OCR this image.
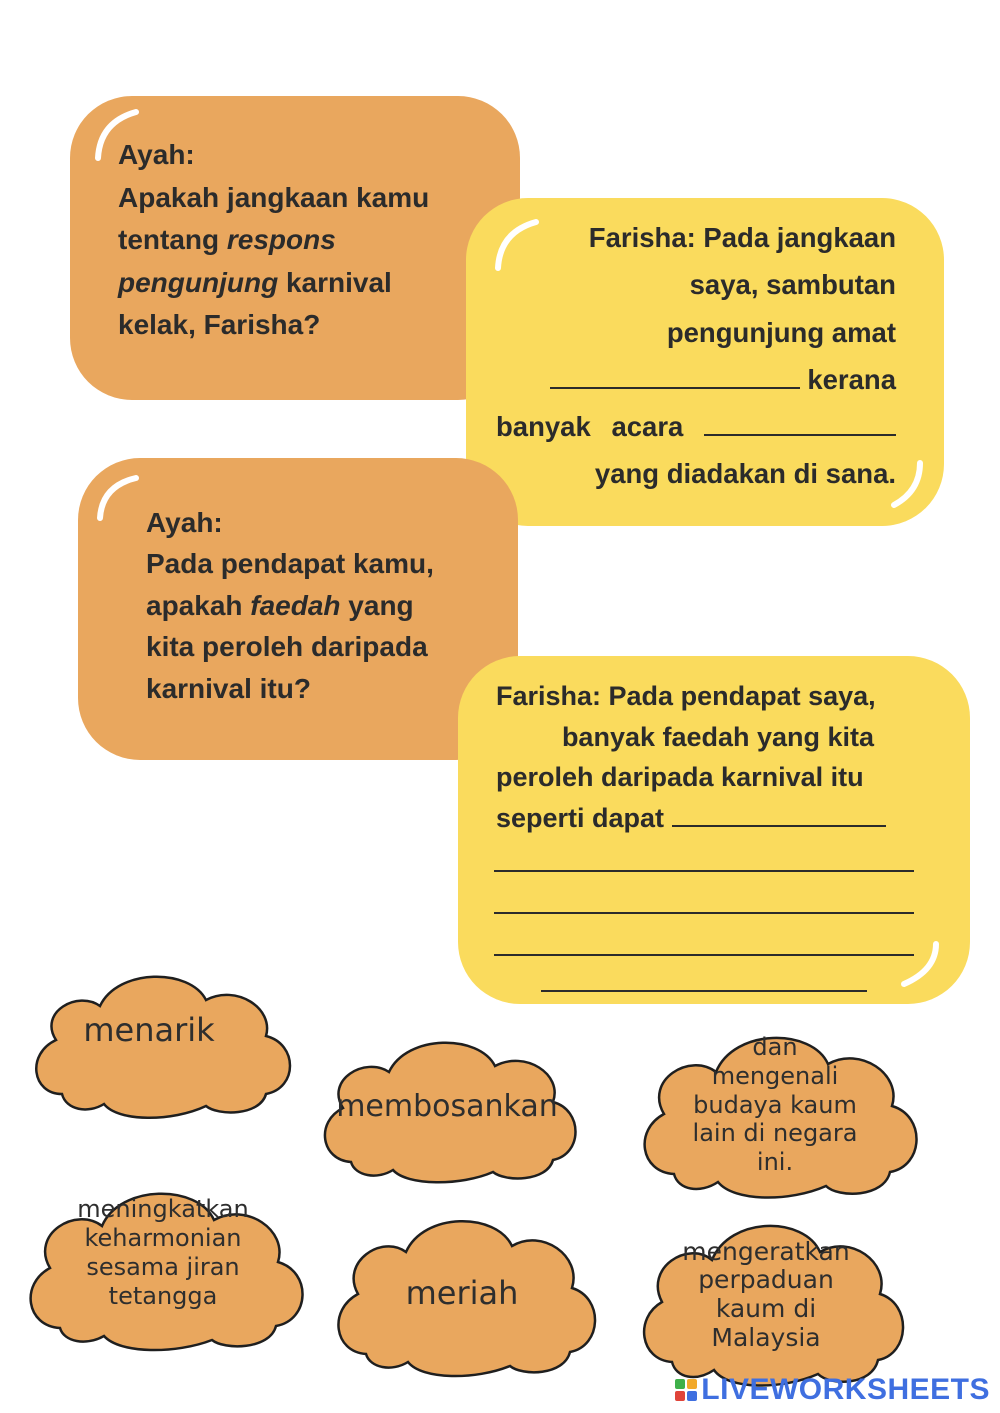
Ayah:
Apakah jangkaan kamu
tentang respons
pengunjung karnival
kelak, Farisha?
Farisha: Pada jangkaan
saya, sambutan
pengunjung amat
kerana
banyak acara
yang diadakan di sana.
Ayah:
Pada pendapat kamu,
apakah faedah yang
kita peroleh daripada
karnival itu?	Farisha: Pada pendapat saya,
banyak faedah yang kita
peroleh daripada karnival itu
seperti dapat
menarik
membosankan
dan mengenali budaya kaum lain di negara ini.
meningkatkan keharmonian sesama jiran tetangga	meriah
mengeratkan perpaduan kaum di Malaysia
LIVEWORKSHEETS
